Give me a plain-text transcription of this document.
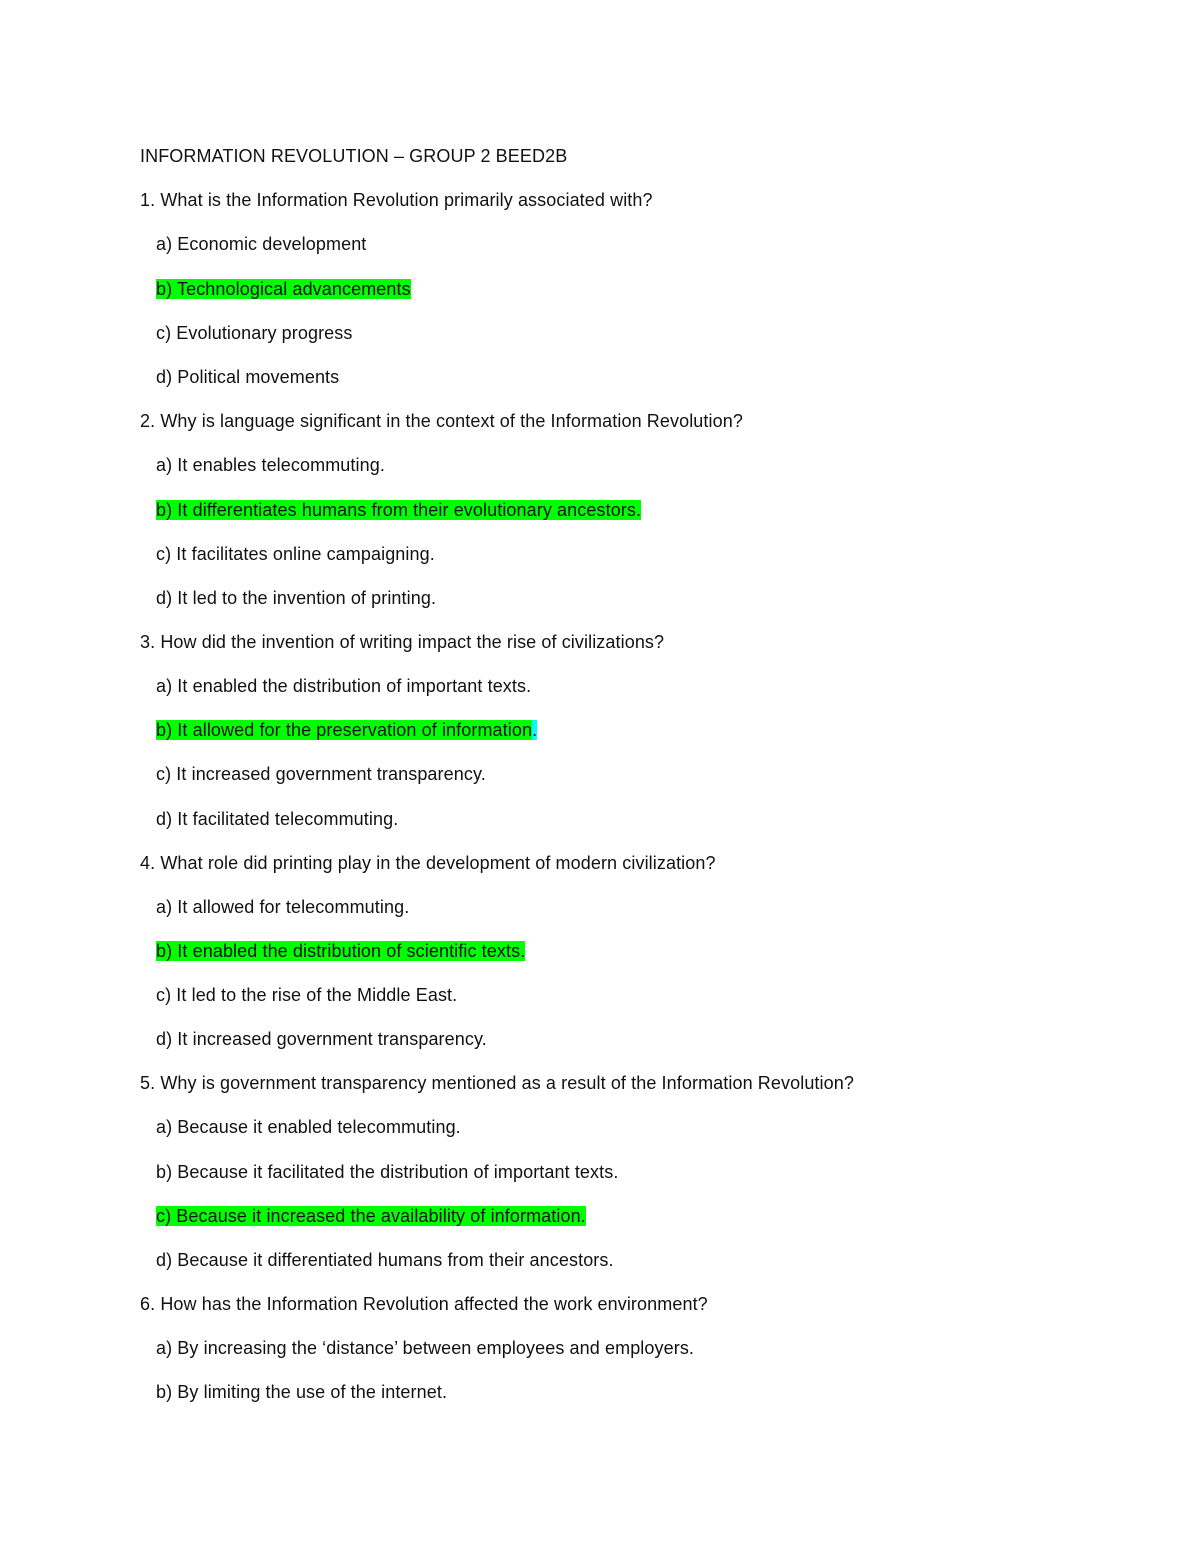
INFORMATION REVOLUTION – GROUP 2 BEED2B
1. What is the Information Revolution primarily associated with?
a) Economic development
b) Technological advancements
c) Evolutionary progress
d) Political movements
2. Why is language significant in the context of the Information Revolution?
a) It enables telecommuting.
b) It differentiates humans from their evolutionary ancestors.
c) It facilitates online campaigning.
d) It led to the invention of printing.
3. How did the invention of writing impact the rise of civilizations?
a) It enabled the distribution of important texts.
b) It allowed for the preservation of information.
c) It increased government transparency.
d) It facilitated telecommuting.
4. What role did printing play in the development of modern civilization?
a) It allowed for telecommuting.
b) It enabled the distribution of scientific texts.
c) It led to the rise of the Middle East.
d) It increased government transparency.
5. Why is government transparency mentioned as a result of the Information Revolution?
a) Because it enabled telecommuting.
b) Because it facilitated the distribution of important texts.
c) Because it increased the availability of information.
d) Because it differentiated humans from their ancestors.
6. How has the Information Revolution affected the work environment?
a) By increasing the ‘distance’ between employees and employers.
b) By limiting the use of the internet.
